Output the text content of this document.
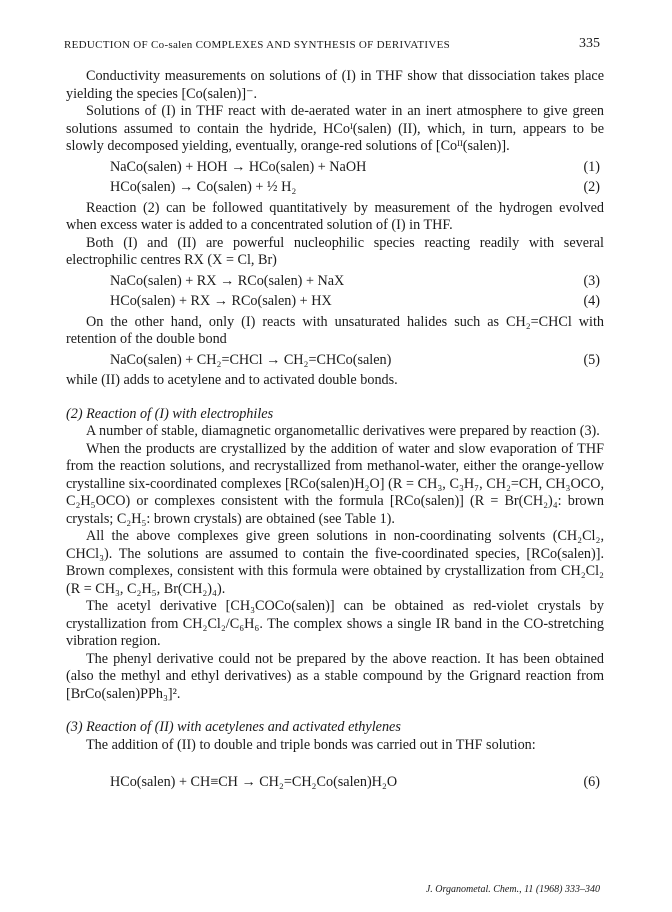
REDUCTION OF Co-salen COMPLEXES AND SYNTHESIS OF DERIVATIVES	335

Conductivity measurements on solutions of (I) in THF show that dissociation takes place yielding the species [Co(salen)]⁻.

Solutions of (I) in THF react with de-aerated water in an inert atmosphere to give green solutions assumed to contain the hydride, HCoᴵ(salen) (II), which, in turn, appears to be slowly decomposed yielding, eventually, orange-red solutions of [Coᴵᴵ(salen)].

NaCo(salen) + HOH → HCo(salen) + NaOH	(1)
HCo(salen) → Co(salen) + ½ H₂	(2)

Reaction (2) can be followed quantitatively by measurement of the hydrogen evolved when excess water is added to a concentrated solution of (I) in THF.

Both (I) and (II) are powerful nucleophilic species reacting readily with several electrophilic centres RX (X = Cl, Br)

NaCo(salen) + RX → RCo(salen) + NaX	(3)
HCo(salen) + RX → RCo(salen) + HX	(4)

On the other hand, only (I) reacts with unsaturated halides such as CH₂=CHCl with retention of the double bond

NaCo(salen) + CH₂=CHCl → CH₂=CHCo(salen)	(5)

while (II) adds to acetylene and to activated double bonds.

(2) Reaction of (I) with electrophiles

A number of stable, diamagnetic organometallic derivatives were prepared by reaction (3).

When the products are crystallized by the addition of water and slow evaporation of THF from the reaction solutions, and recrystallized from methanol-water, either the orange-yellow crystalline six-coordinated complexes [RCo(salen)H₂O] (R = CH₃, C₃H₇, CH₂=CH, CH₃OCO, C₂H₅OCO) or complexes consistent with the formula [RCo(salen)] (R = Br(CH₂)₄: brown crystals; C₂H₅: brown crystals) are obtained (see Table 1).

All the above complexes give green solutions in non-coordinating solvents (CH₂Cl₂, CHCl₃). The solutions are assumed to contain the five-coordinated species, [RCo(salen)]. Brown complexes, consistent with this formula were obtained by crystallization from CH₂Cl₂ (R = CH₃, C₂H₅, Br(CH₂)₄).

The acetyl derivative [CH₃COCo(salen)] can be obtained as red-violet crystals by crystallization from CH₂Cl₂/C₆H₆. The complex shows a single IR band in the CO-stretching vibration region.

The phenyl derivative could not be prepared by the above reaction. It has been obtained (also the methyl and ethyl derivatives) as a stable compound by the Grignard reaction from [BrCo(salen)PPh₃]².

(3) Reaction of (II) with acetylenes and activated ethylenes

The addition of (II) to double and triple bonds was carried out in THF solution:

HCo(salen) + CH≡CH → CH₂=CH₂Co(salen)H₂O	(6)
J. Organometal. Chem., 11 (1968) 333–340
